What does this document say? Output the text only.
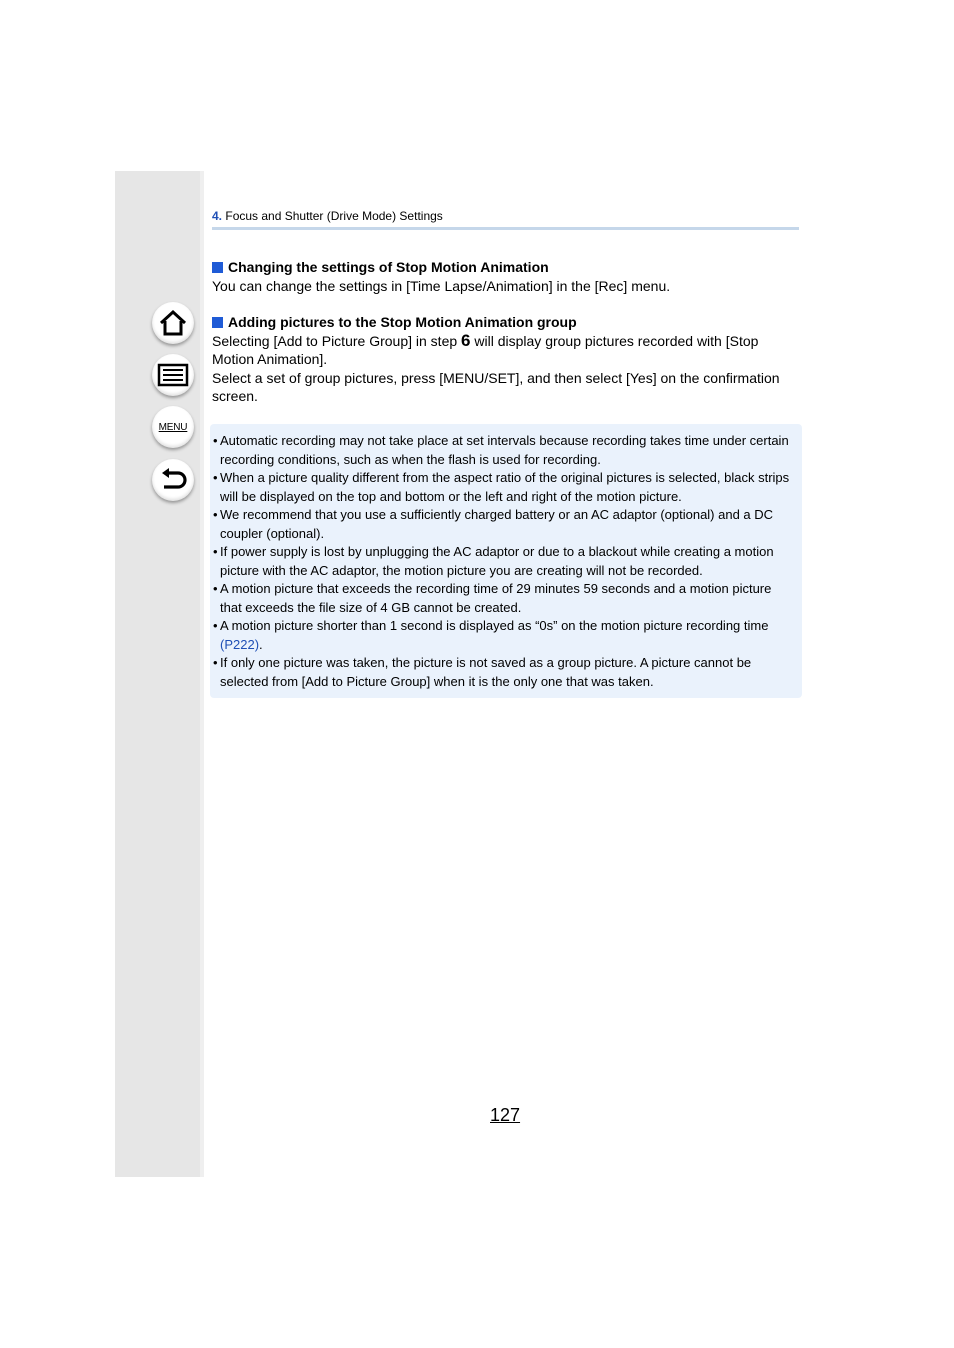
MENU
4. Focus and Shutter (Drive Mode) Settings
Changing the settings of Stop Motion Animation
You can change the settings in [Time Lapse/Animation] in the [Rec] menu.
Adding pictures to the Stop Motion Animation group
Selecting [Add to Picture Group] in step 6 will display group pictures recorded with [Stop Motion Animation].
Select a set of group pictures, press [MENU/SET], and then select [Yes] on the confirmation screen.
• Automatic recording may not take place at set intervals because recording takes time under certain recording conditions, such as when the flash is used for recording.
• When a picture quality different from the aspect ratio of the original pictures is selected, black strips will be displayed on the top and bottom or the left and right of the motion picture.
• We recommend that you use a sufficiently charged battery or an AC adaptor (optional) and a DC coupler (optional).
• If power supply is lost by unplugging the AC adaptor or due to a blackout while creating a motion picture with the AC adaptor, the motion picture you are creating will not be recorded.
• A motion picture that exceeds the recording time of 29 minutes 59 seconds and a motion picture that exceeds the file size of 4 GB cannot be created.
• A motion picture shorter than 1 second is displayed as “0s” on the motion picture recording time (P222).
• If only one picture was taken, the picture is not saved as a group picture. A picture cannot be selected from [Add to Picture Group] when it is the only one that was taken.
127
